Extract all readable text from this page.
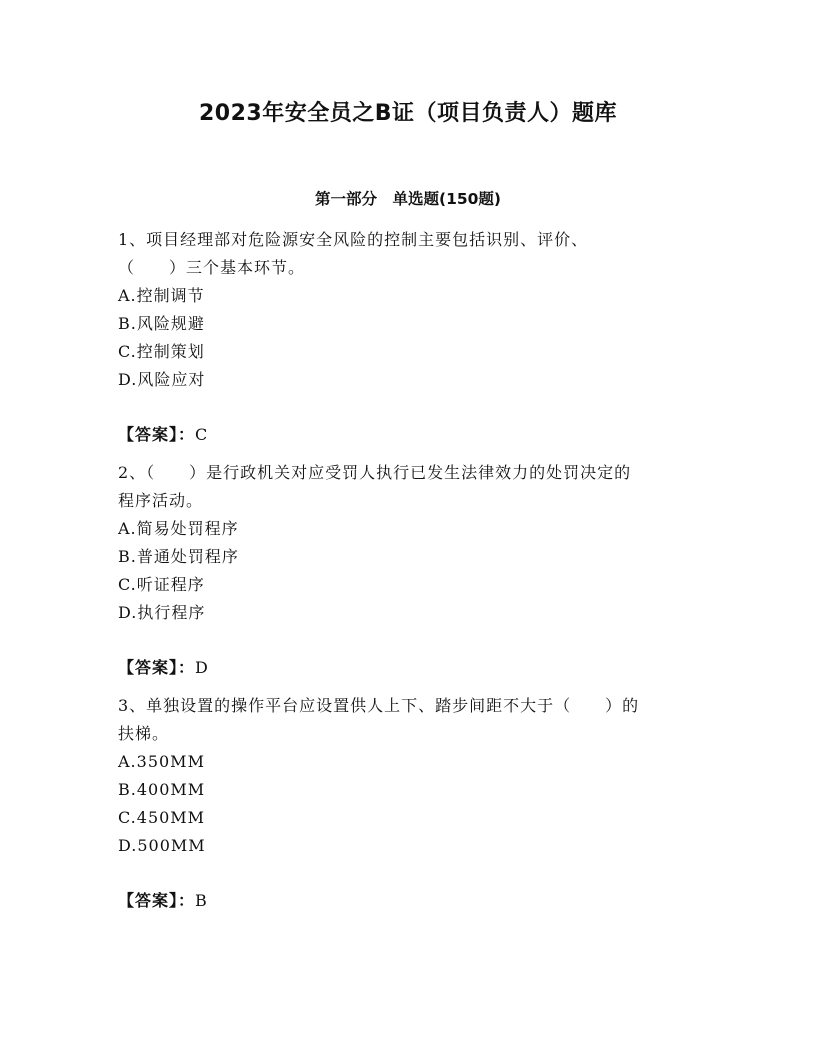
2023年安全员之B证（项目负责人）题库
第一部分　单选题(150题)
1、项目经理部对危险源安全风险的控制主要包括识别、评价、
（　　）三个基本环节。
A.控制调节
B.风险规避
C.控制策划
D.风险应对
【答案】：C
2、（　　）是行政机关对应受罚人执行已发生法律效力的处罚决定的
程序活动。
A.简易处罚程序
B.普通处罚程序
C.听证程序
D.执行程序
【答案】：D
3、单独设置的操作平台应设置供人上下、踏步间距不大于（　　）的
扶梯。
A.350MM
B.400MM
C.450MM
D.500MM
【答案】：B
